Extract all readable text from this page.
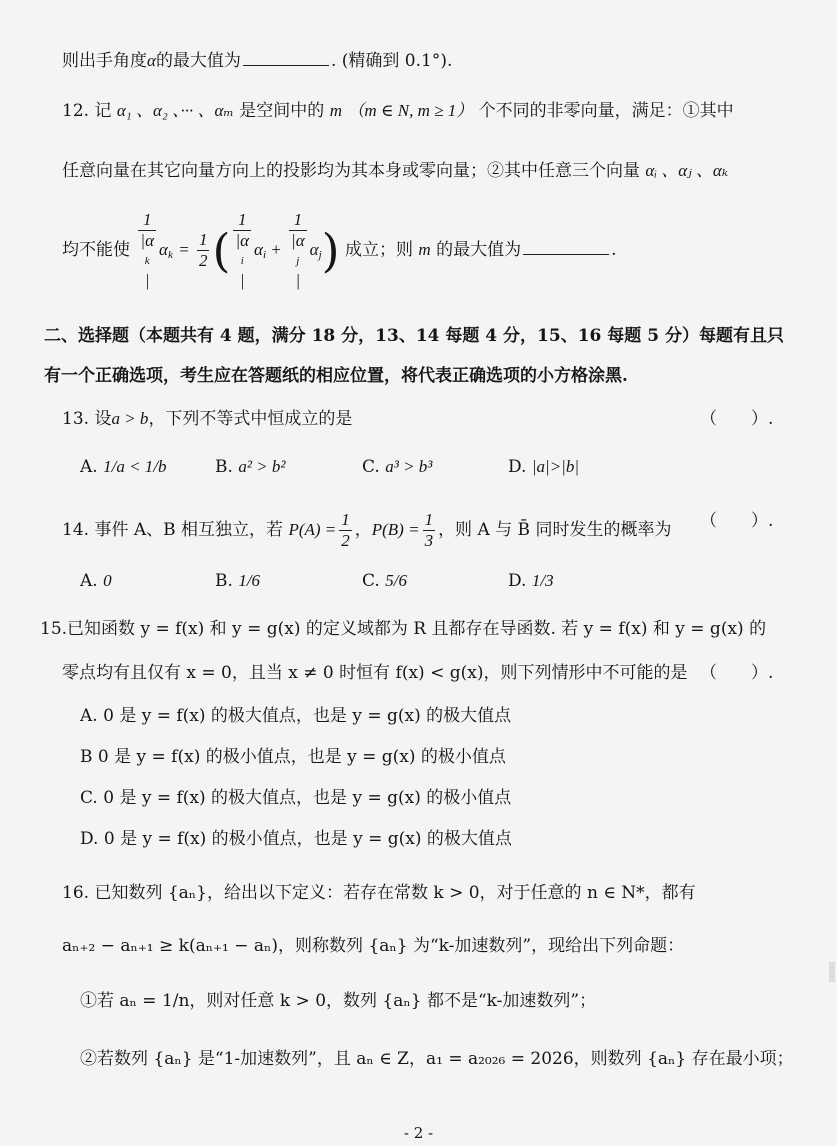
则出手角度α的最大值为	. (精确到 0.1°).
12. 记 α₁ 、α₂ 、··· 、αₘ 是空间中的 m （m ∈ N, m ≥ 1） 个不同的非零向量，满足：①其中
任意向量在其它向量方向上的投影均为其本身或零向量；②其中任意三个向量 αᵢ 、αⱼ 、αₖ
均不能使 1
|α
k
| $\alpha_k = \frac{1}{2}$ ( 1
|α
i
| $\alpha_i + 1$
|α
j
| $\alpha_j$) 成立；则 m 的最大值为	.
二、选择题（本题共有 4 题，满分 18 分，13、14 每题 4 分，15、16 每题 5 分）每题有且只
有一个正确选项，考生应在答题纸的相应位置，将代表正确选项的小方格涂黑.
13. 设a > b，下列不等式中恒成立的是	（　　）.
A. 1/a < 1/b	B. a² > b²	C. a³ > b³	D. |a|>|b|
14. 事件 A、B 相互独立，若 $P(A) = \frac{1}{2}$ ，$P(B) = \frac{1}{3}$ ，则 A 与 B̄ 同时发生的概率为 （　　）.
A. 0	B. 1/6	C. 5/6	D. 1/3
15.已知函数 y = f(x) 和 y = g(x) 的定义域都为 R 且都存在导函数. 若 y = f(x) 和 y = g(x) 的
零点均有且仅有 x = 0，且当 x ≠ 0 时恒有 f(x) < g(x)，则下列情形中不可能的是 （　　）.
A. 0 是 y = f(x) 的极大值点，也是 y = g(x) 的极大值点
B 0 是 y = f(x) 的极小值点，也是 y = g(x) 的极小值点
C. 0 是 y = f(x) 的极大值点，也是 y = g(x) 的极小值点
D. 0 是 y = f(x) 的极小值点，也是 y = g(x) 的极大值点
16. 已知数列 {aₙ}，给出以下定义：若存在常数 k > 0，对于任意的 n ∈ N*，都有
aₙ₊₂ − aₙ₊₁ ≥ k(aₙ₊₁ − aₙ)，则称数列 {aₙ} 为“k-加速数列”，现给出下列命题：
①若 aₙ = 1/n，则对任意 k > 0，数列 {aₙ} 都不是“k-加速数列”；
②若数列 {aₙ} 是“1-加速数列”，且 aₙ ∈ Z，a₁ = a₂₀₂₆ = 2026，则数列 {aₙ} 存在最小项；
- 2 -
